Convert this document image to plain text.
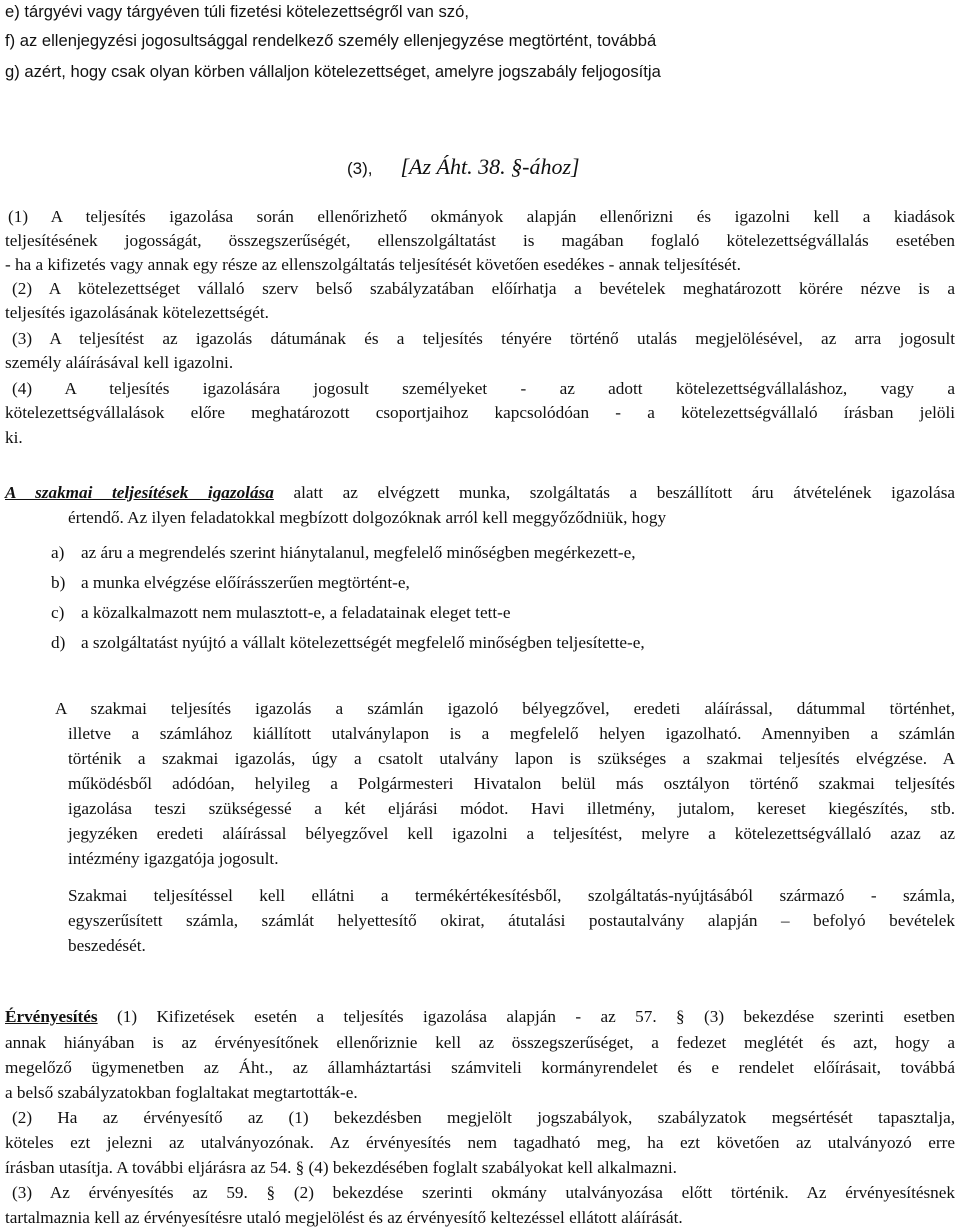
e) tárgyévi vagy tárgyéven túli fizetési kötelezettségről van szó,
f) az ellenjegyzési jogosultsággal rendelkező személy ellenjegyzése megtörtént, továbbá
g) azért, hogy csak olyan körben vállaljon kötelezettséget, amelyre jogszabály feljogosítja
(3), [Az Áht. 38. §-ához]
(1) A teljesítés igazolása során ellenőrizhető okmányok alapján ellenőrizni és igazolni kell a kiadások
teljesítésének jogosságát, összegszerűségét, ellenszolgáltatást is magában foglaló kötelezettségvállalás esetében
- ha a kifizetés vagy annak egy része az ellenszolgáltatás teljesítését követően esedékes - annak teljesítését.
(2) A kötelezettséget vállaló szerv belső szabályzatában előírhatja a bevételek meghatározott körére nézve is a
teljesítés igazolásának kötelezettségét.
(3) A teljesítést az igazolás dátumának és a teljesítés tényére történő utalás megjelölésével, az arra jogosult
személy aláírásával kell igazolni.
(4) A teljesítés igazolására jogosult személyeket - az adott kötelezettségvállaláshoz, vagy a
kötelezettségvállalások előre meghatározott csoportjaihoz kapcsolódóan - a kötelezettségvállaló írásban jelöli
ki.
A szakmai teljesítések igazolása alatt az elvégzett munka, szolgáltatás a beszállított áru átvételének igazolása
értendő. Az ilyen feladatokkal megbízott dolgozóknak arról kell meggyőződniük, hogy
a) az áru a megrendelés szerint hiánytalanul, megfelelő minőségben megérkezett-e,
b) a munka elvégzése előírásszerűen megtörtént-e,
c) a közalkalmazott nem mulasztott-e, a feladatainak eleget tett-e
d) a szolgáltatást nyújtó a vállalt kötelezettségét megfelelő minőségben teljesítette-e,
A szakmai teljesítés igazolás a számlán igazoló bélyegzővel, eredeti aláírással, dátummal történhet,
illetve a számlához kiállított utalványlapon is a megfelelő helyen igazolható. Amennyiben a számlán
történik a szakmai igazolás, úgy a csatolt utalvány lapon is szükséges a szakmai teljesítés elvégzése. A
működésből adódóan, helyileg a Polgármesteri Hivatalon belül más osztályon történő szakmai teljesítés
igazolása teszi szükségessé a két eljárási módot. Havi illetmény, jutalom, kereset kiegészítés, stb.
jegyzéken eredeti aláírással bélyegzővel kell igazolni a teljesítést, melyre a kötelezettségvállaló azaz az
intézmény igazgatója jogosult.
Szakmai teljesítéssel kell ellátni a termékértékesítésből, szolgáltatás-nyújtásából származó - számla,
egyszerűsített számla, számlát helyettesítő okirat, átutalási postautalvány alapján – befolyó bevételek
beszedését.
Érvényesítés (1) Kifizetések esetén a teljesítés igazolása alapján - az 57. § (3) bekezdése szerinti esetben
annak hiányában is az érvényesítőnek ellenőriznie kell az összegszerűséget, a fedezet meglétét és azt, hogy a
megelőző ügymenetben az Áht., az államháztartási számviteli kormányrendelet és e rendelet előírásait, továbbá
a belső szabályzatokban foglaltakat megtartották-e.
(2) Ha az érvényesítő az (1) bekezdésben megjelölt jogszabályok, szabályzatok megsértését tapasztalja,
köteles ezt jelezni az utalványozónak. Az érvényesítés nem tagadható meg, ha ezt követően az utalványozó erre
írásban utasítja. A további eljárásra az 54. § (4) bekezdésében foglalt szabályokat kell alkalmazni.
(3) Az érvényesítés az 59. § (2) bekezdése szerinti okmány utalványozása előtt történik. Az érvényesítésnek
tartalmaznia kell az érvényesítésre utaló megjelölést és az érvényesítő keltezéssel ellátott aláírását.
